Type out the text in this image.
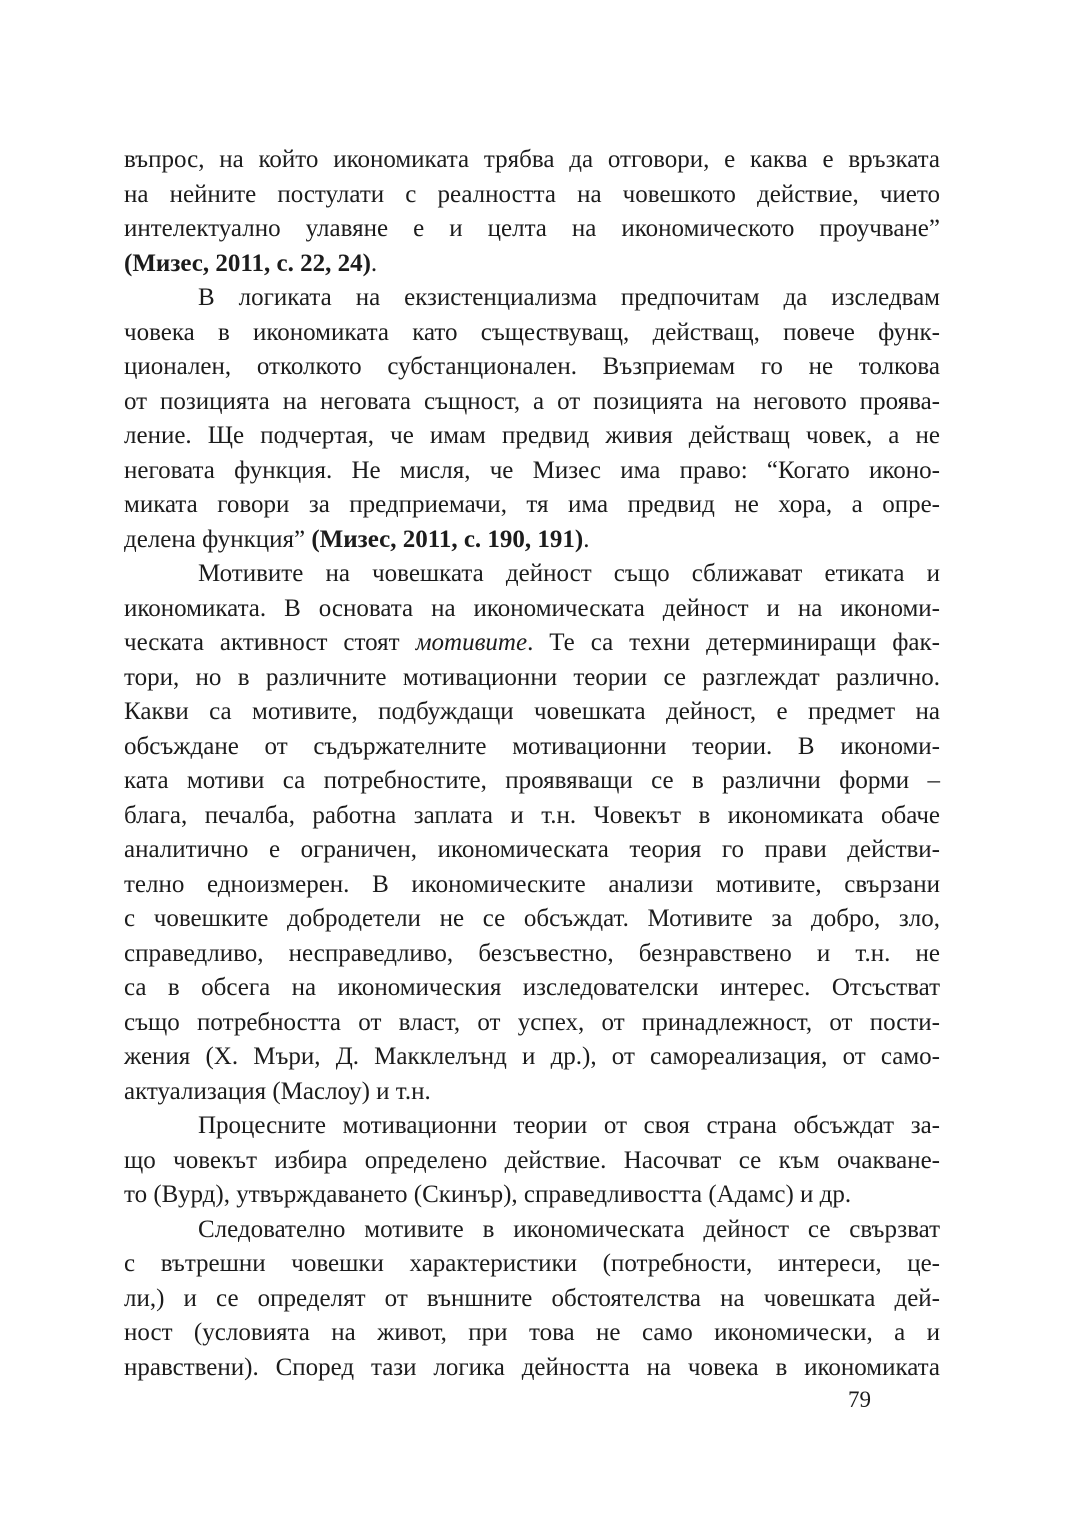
въпрос, на който икономиката трябва да отговори, е каква е връзката
на нейните постулати с реалността на човешкото действие, чието
интелектуално улавяне е и целта на икономическото проучване”
(Мизес, 2011, с. 22, 24).
В логиката на екзистенциализма предпочитам да изследвам
човека в икономиката като съществуващ, действащ, повече функ-
ционален, отколкото субстанционален. Възприемам го не толкова
от позицията на неговата същност, а от позицията на неговото проява-
ление. Ще подчертая, че имам предвид живия действащ човек, а не
неговата функция. Не мисля, че Мизес има право: “Когато иконо-
миката говори за предприемачи, тя има предвид не хора, а опре-
делена функция” (Мизес, 2011, с. 190, 191).
Мотивите на човешката дейност също сближават етиката и
икономиката. В основата на икономическата дейност и на икономи-
ческата активност стоят мотивите. Те са техни детерминиращи фак-
тори, но в различните мотивационни теории се разглеждат различно.
Какви са мотивите, подбуждащи човешката дейност, е предмет на
обсъждане от съдържателните мотивационни теории. В икономи-
ката мотиви са потребностите, проявяващи се в различни форми –
блага, печалба, работна заплата и т.н. Човекът в икономиката обаче
аналитично е ограничен, икономическата теория го прави действи-
телно едноизмерен. В икономическите анализи мотивите, свързани
с човешките добродетели не се обсъждат. Мотивите за добро, зло,
справедливо, несправедливо, безсъвестно, безнравствено и т.н. не
са в обсега на икономическия изследователски интерес. Отсъстват
също потребността от власт, от успех, от принадлежност, от пости-
жения (Х. Мъри, Д. Макклелънд и др.), от самореализация, от само-
актуализация (Маслоу) и т.н.
Процесните мотивационни теории от своя страна обсъждат за-
що човекът избира определено действие. Насочват се към очакване-
то (Вурд), утвърждаването (Скинър), справедливостта (Адамс) и др.
Следователно мотивите в икономическата дейност се свързват
с вътрешни човешки характеристики (потребности, интереси, це-
ли,) и се определят от външните обстоятелства на човешката дей-
ност (условията на живот, при това не само икономически, а и
нравствени). Според тази логика дейността на човека в икономиката
79
